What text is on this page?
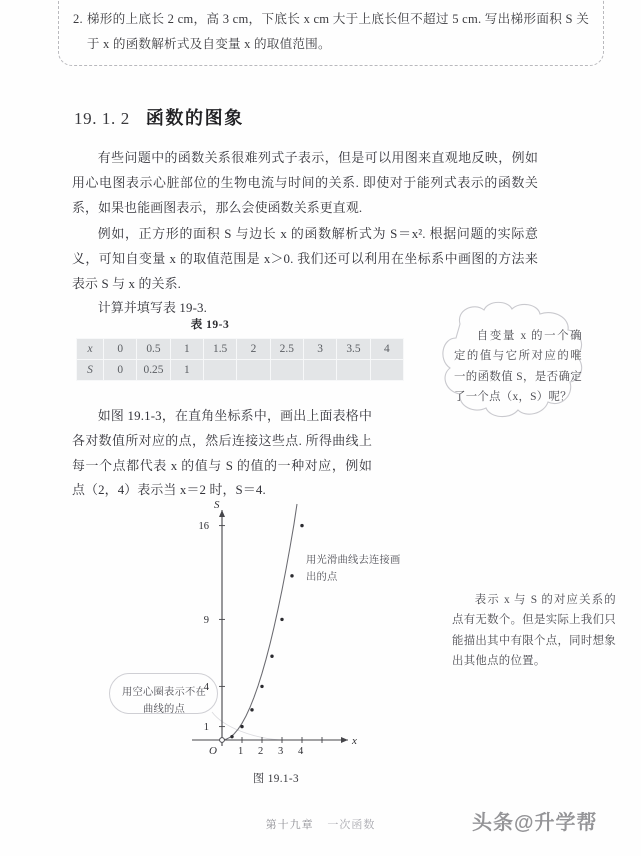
2. 梯形的上底长 2 cm，高 3 cm，下底长 x cm 大于上底长但不超过 5 cm. 写出梯形面积 S 关于 x 的函数解析式及自变量 x 的取值范围。
19. 1. 2 函数的图象
有些问题中的函数关系很难列式子表示，但是可以用图来直观地反映，例如用心电图表示心脏部位的生物电流与时间的关系. 即使对于能列式表示的函数关系，如果也能画图表示，那么会使函数关系更直观.
例如，正方形的面积 S 与边长 x 的函数解析式为 S＝x². 根据问题的实际意义，可知自变量 x 的取值范围是 x＞0. 我们还可以利用在坐标系中画图的方法来表示 S 与 x 的关系.
计算并填写表 19-3.
如图 19.1-3，在直角坐标系中，画出上面表格中各对数值所对应的点，然后连接这些点. 所得曲线上每一个点都代表 x 的值与 S 的值的一种对应，例如点（2，4）表示当 x＝2 时，S＝4.
表 19-3
x	0	0.5	1	1.5	2	2.5	3	3.5	4
S	0	0.25	1						
自变量 x 的一个确定的值与它所对应的唯一的函数值 S，是否确定了一个点（x，S）呢？
用光滑曲线去连接画出的点
用空心圈表示不在曲线的点
表示 x 与 S 的对应关系的点有无数个。但是实际上我们只能描出其中有限个点，同时想象出其他点的位置。
S
x
O 1 2 3 4
1
4
9
16
图 19.1-3
第十九章 一次函数	头条@升学帮
